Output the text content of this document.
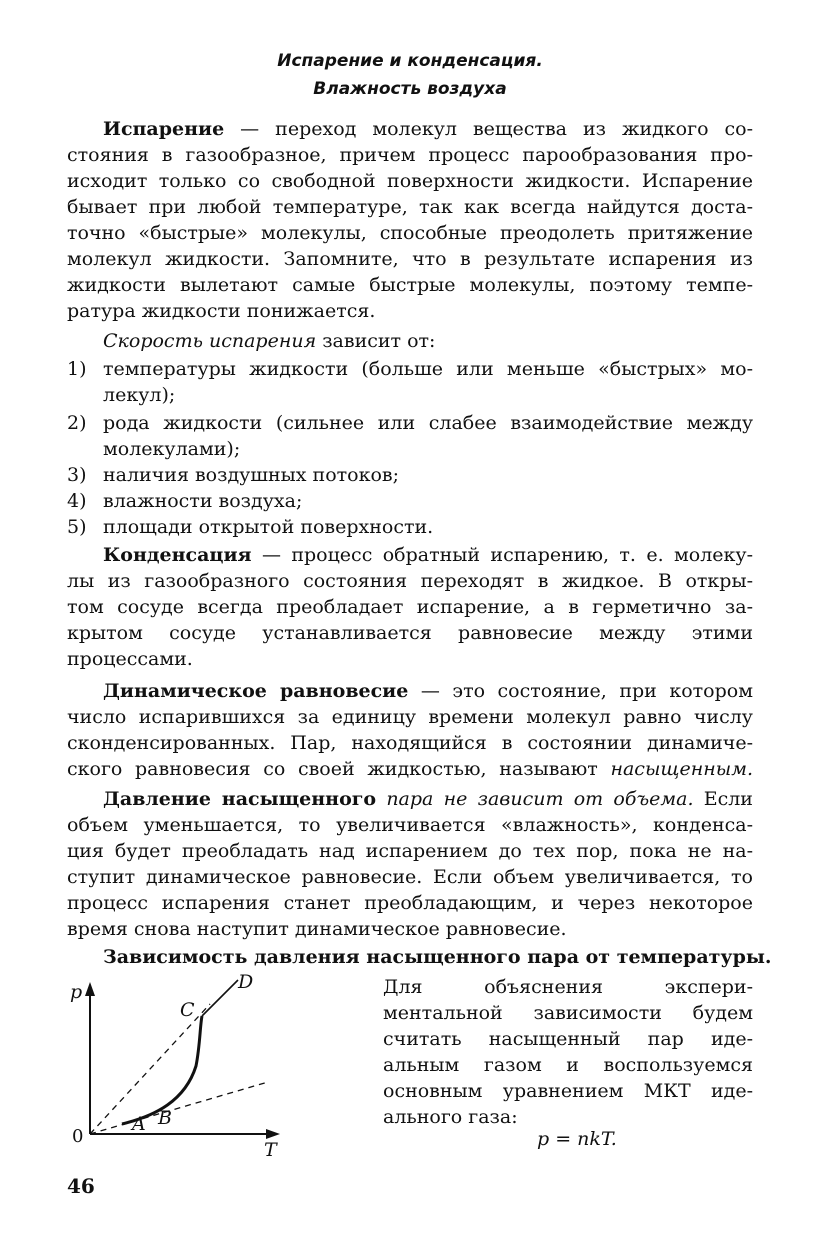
Испарение и конденсация.
Влажность воздуха
Испарение — переход молекул вещества из жидкого со-
стояния в газообразное, причем процесс парообразования про-
исходит только со свободной поверхности жидкости. Испарение
бывает при любой температуре, так как всегда найдутся доста-
точно «быстрые» молекулы, способные преодолеть притяжение
молекул жидкости. Запомните, что в результате испарения из
жидкости вылетают самые быстрые молекулы, поэтому темпе-
ратура жидкости понижается.
Скорость испарения зависит от:
1) температуры жидкости (больше или меньше «быстрых» мо-
лекул);
2) рода жидкости (сильнее или слабее взаимодействие между
молекулами);
3) наличия воздушных потоков;
4) влажности воздуха;
5) площади открытой поверхности.
Конденсация — процесс обратный испарению, т. е. молеку-
лы из газообразного состояния переходят в жидкое. В откры-
том сосуде всегда преобладает испарение, а в герметично за-
крытом сосуде устанавливается равновесие между этими
процессами.
Динамическое равновесие — это состояние, при котором
число испарившихся за единицу времени молекул равно числу
сконденсированных. Пар, находящийся в состоянии динамиче-
ского равновесия со своей жидкостью, называют насыщенным.
Давление насыщенного пара не зависит от объема. Если
объем уменьшается, то увеличивается «влажность», конденса-
ция будет преобладать над испарением до тех пор, пока не на-
ступит динамическое равновесие. Если объем увеличивается, то
процесс испарения станет преобладающим, и через некоторое
время снова наступит динамическое равновесие.
Зависимость давления насыщенного пара от температуры.
Для объяснения экспери-
ментальной зависимости будем
считать насыщенный пар иде-
альным газом и воспользуемся
основным уравнением МКТ иде-
ального газа:
p = nkT.
p
T
A B
C
D
0
46
